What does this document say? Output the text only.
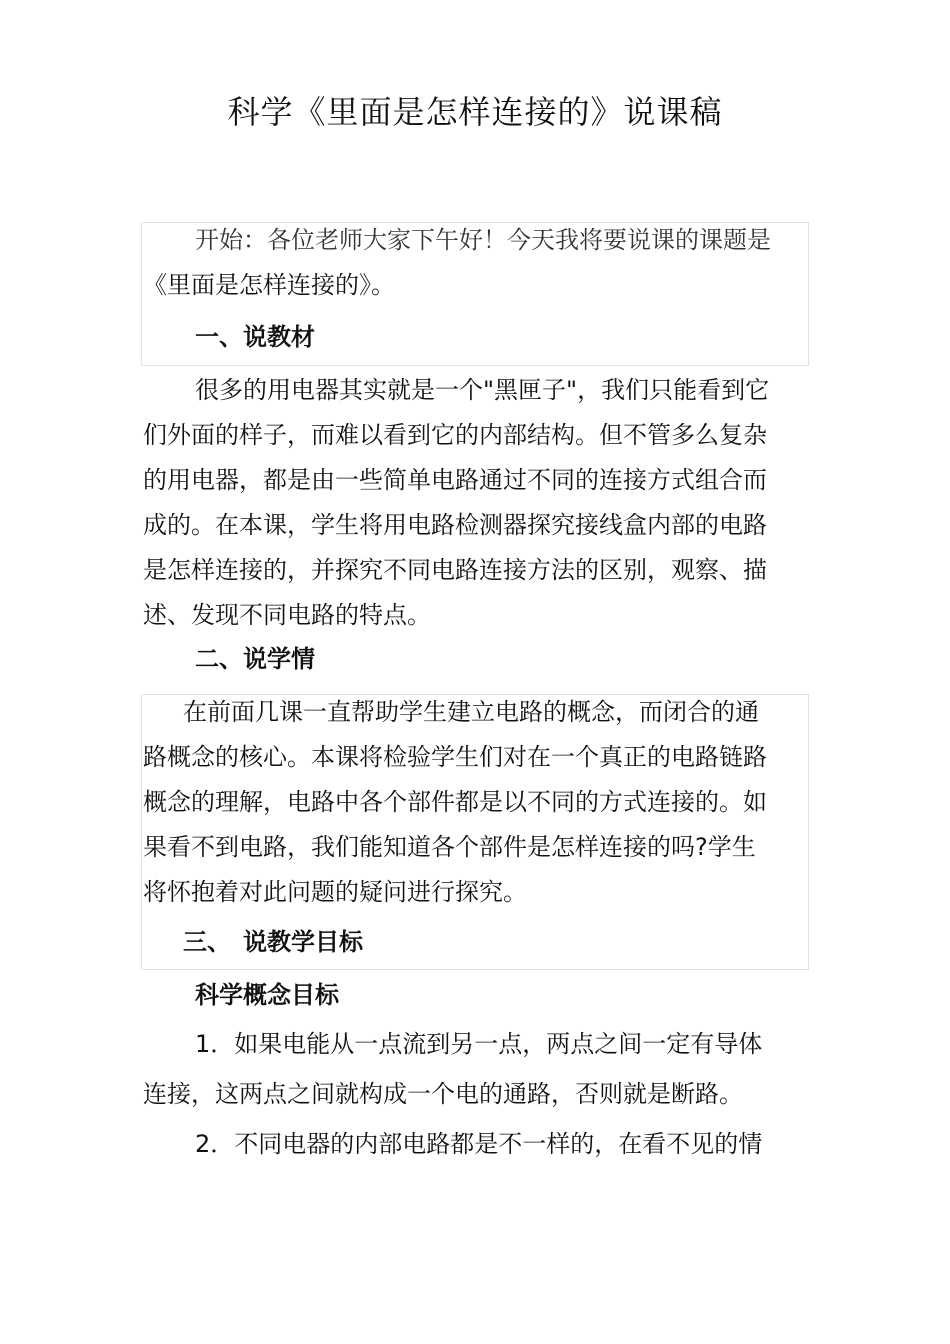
科学《里面是怎样连接的》说课稿
开始：各位老师大家下午好！今天我将要说课的课题是
《里面是怎样连接的》。
一、说教材
很多的用电器其实就是一个"黑匣子"，我们只能看到它
们外面的样子，而难以看到它的内部结构。但不管多么复杂
的用电器，都是由一些简单电路通过不同的连接方式组合而
成的。在本课，学生将用电路检测器探究接线盒内部的电路
是怎样连接的，并探究不同电路连接方法的区别，观察、描
述、发现不同电路的特点。
二、说学情
在前面几课一直帮助学生建立电路的概念，而闭合的通
路概念的核心。本课将检验学生们对在一个真正的电路链路
概念的理解，电路中各个部件都是以不同的方式连接的。如
果看不到电路，我们能知道各个部件是怎样连接的吗?学生
将怀抱着对此问题的疑问进行探究。
三、　说教学目标
科学概念目标
1．如果电能从一点流到另一点，两点之间一定有导体
连接，这两点之间就构成一个电的通路，否则就是断路。
2．不同电器的内部电路都是不一样的，在看不见的情
